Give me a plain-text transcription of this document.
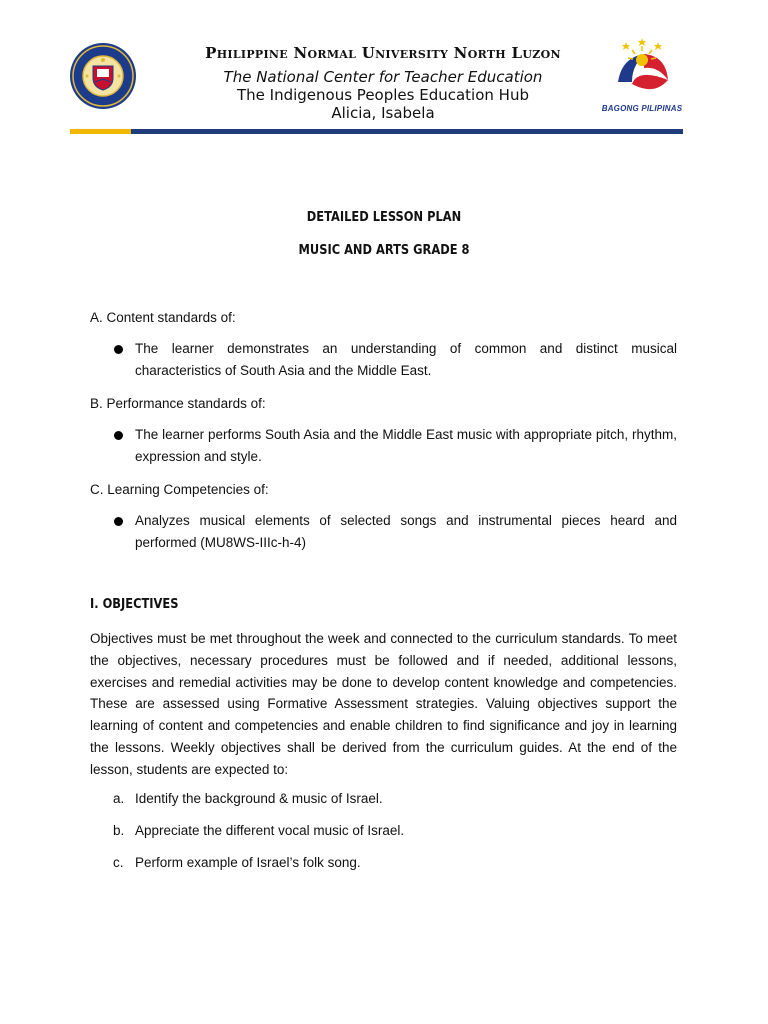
Philippine Normal University North Luzon
The National Center for Teacher Education
The Indigenous Peoples Education Hub
Alicia, Isabela	BAGONG PILIPINAS
DETAILED LESSON PLAN
MUSIC AND ARTS GRADE 8
A. Content standards of:
The learner demonstrates an understanding of common and distinct musical characteristics of South Asia and the Middle East.
B. Performance standards of:
The learner performs South Asia and the Middle East music with appropriate pitch, rhythm, expression and style.
C. Learning Competencies of:
Analyzes musical elements of selected songs and instrumental pieces heard and performed (MU8WS-IIIc-h-4)
I. OBJECTIVES
Objectives must be met throughout the week and connected to the curriculum standards. To meet the objectives, necessary procedures must be followed and if needed, additional lessons, exercises and remedial activities may be done to develop content knowledge and competencies. These are assessed using Formative Assessment strategies. Valuing objectives support the learning of content and competencies and enable children to find significance and joy in learning the lessons. Weekly objectives shall be derived from the curriculum guides. At the end of the lesson, students are expected to:
a. Identify the background & music of Israel.
b. Appreciate the different vocal music of Israel.
c. Perform example of Israel’s folk song.
